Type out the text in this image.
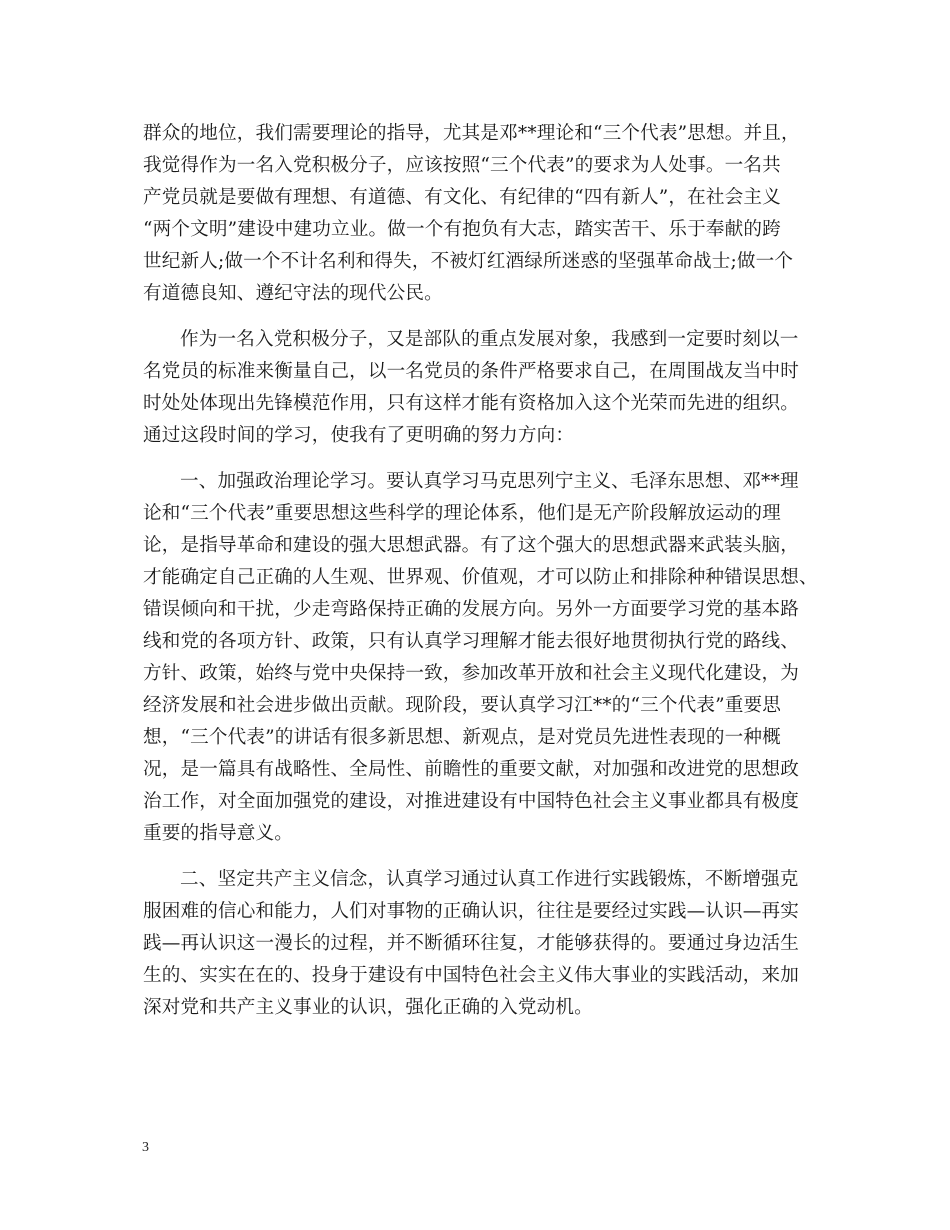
群众的地位，我们需要理论的指导，尤其是邓**理论和“三个代表”思想。并且，
我觉得作为一名入党积极分子，应该按照“三个代表”的要求为人处事。一名共
产党员就是要做有理想、有道德、有文化、有纪律的“四有新人”，在社会主义
“两个文明”建设中建功立业。做一个有抱负有大志，踏实苦干、乐于奉献的跨
世纪新人;做一个不计名利和得失，不被灯红酒绿所迷惑的坚强革命战士;做一个
有道德良知、遵纪守法的现代公民。
作为一名入党积极分子，又是部队的重点发展对象，我感到一定要时刻以一
名党员的标准来衡量自己，以一名党员的条件严格要求自己，在周围战友当中时
时处处体现出先锋模范作用，只有这样才能有资格加入这个光荣而先进的组织。
通过这段时间的学习，使我有了更明确的努力方向：
一、加强政治理论学习。要认真学习马克思列宁主义、毛泽东思想、邓**理
论和“三个代表”重要思想这些科学的理论体系，他们是无产阶段解放运动的理
论，是指导革命和建设的强大思想武器。有了这个强大的思想武器来武装头脑，
才能确定自己正确的人生观、世界观、价值观，才可以防止和排除种种错误思想、
错误倾向和干扰，少走弯路保持正确的发展方向。另外一方面要学习党的基本路
线和党的各项方针、政策，只有认真学习理解才能去很好地贯彻执行党的路线、
方针、政策，始终与党中央保持一致，参加改革开放和社会主义现代化建设，为
经济发展和社会进步做出贡献。现阶段，要认真学习江**的“三个代表”重要思
想，“三个代表”的讲话有很多新思想、新观点，是对党员先进性表现的一种概
况，是一篇具有战略性、全局性、前瞻性的重要文献，对加强和改进党的思想政
治工作，对全面加强党的建设，对推进建设有中国特色社会主义事业都具有极度
重要的指导意义。
二、坚定共产主义信念，认真学习通过认真工作进行实践锻炼，不断增强克
服困难的信心和能力，人们对事物的正确认识，往往是要经过实践—认识—再实
践—再认识这一漫长的过程，并不断循环往复，才能够获得的。要通过身边活生
生的、实实在在的、投身于建设有中国特色社会主义伟大事业的实践活动，来加
深对党和共产主义事业的认识，强化正确的入党动机。
3
